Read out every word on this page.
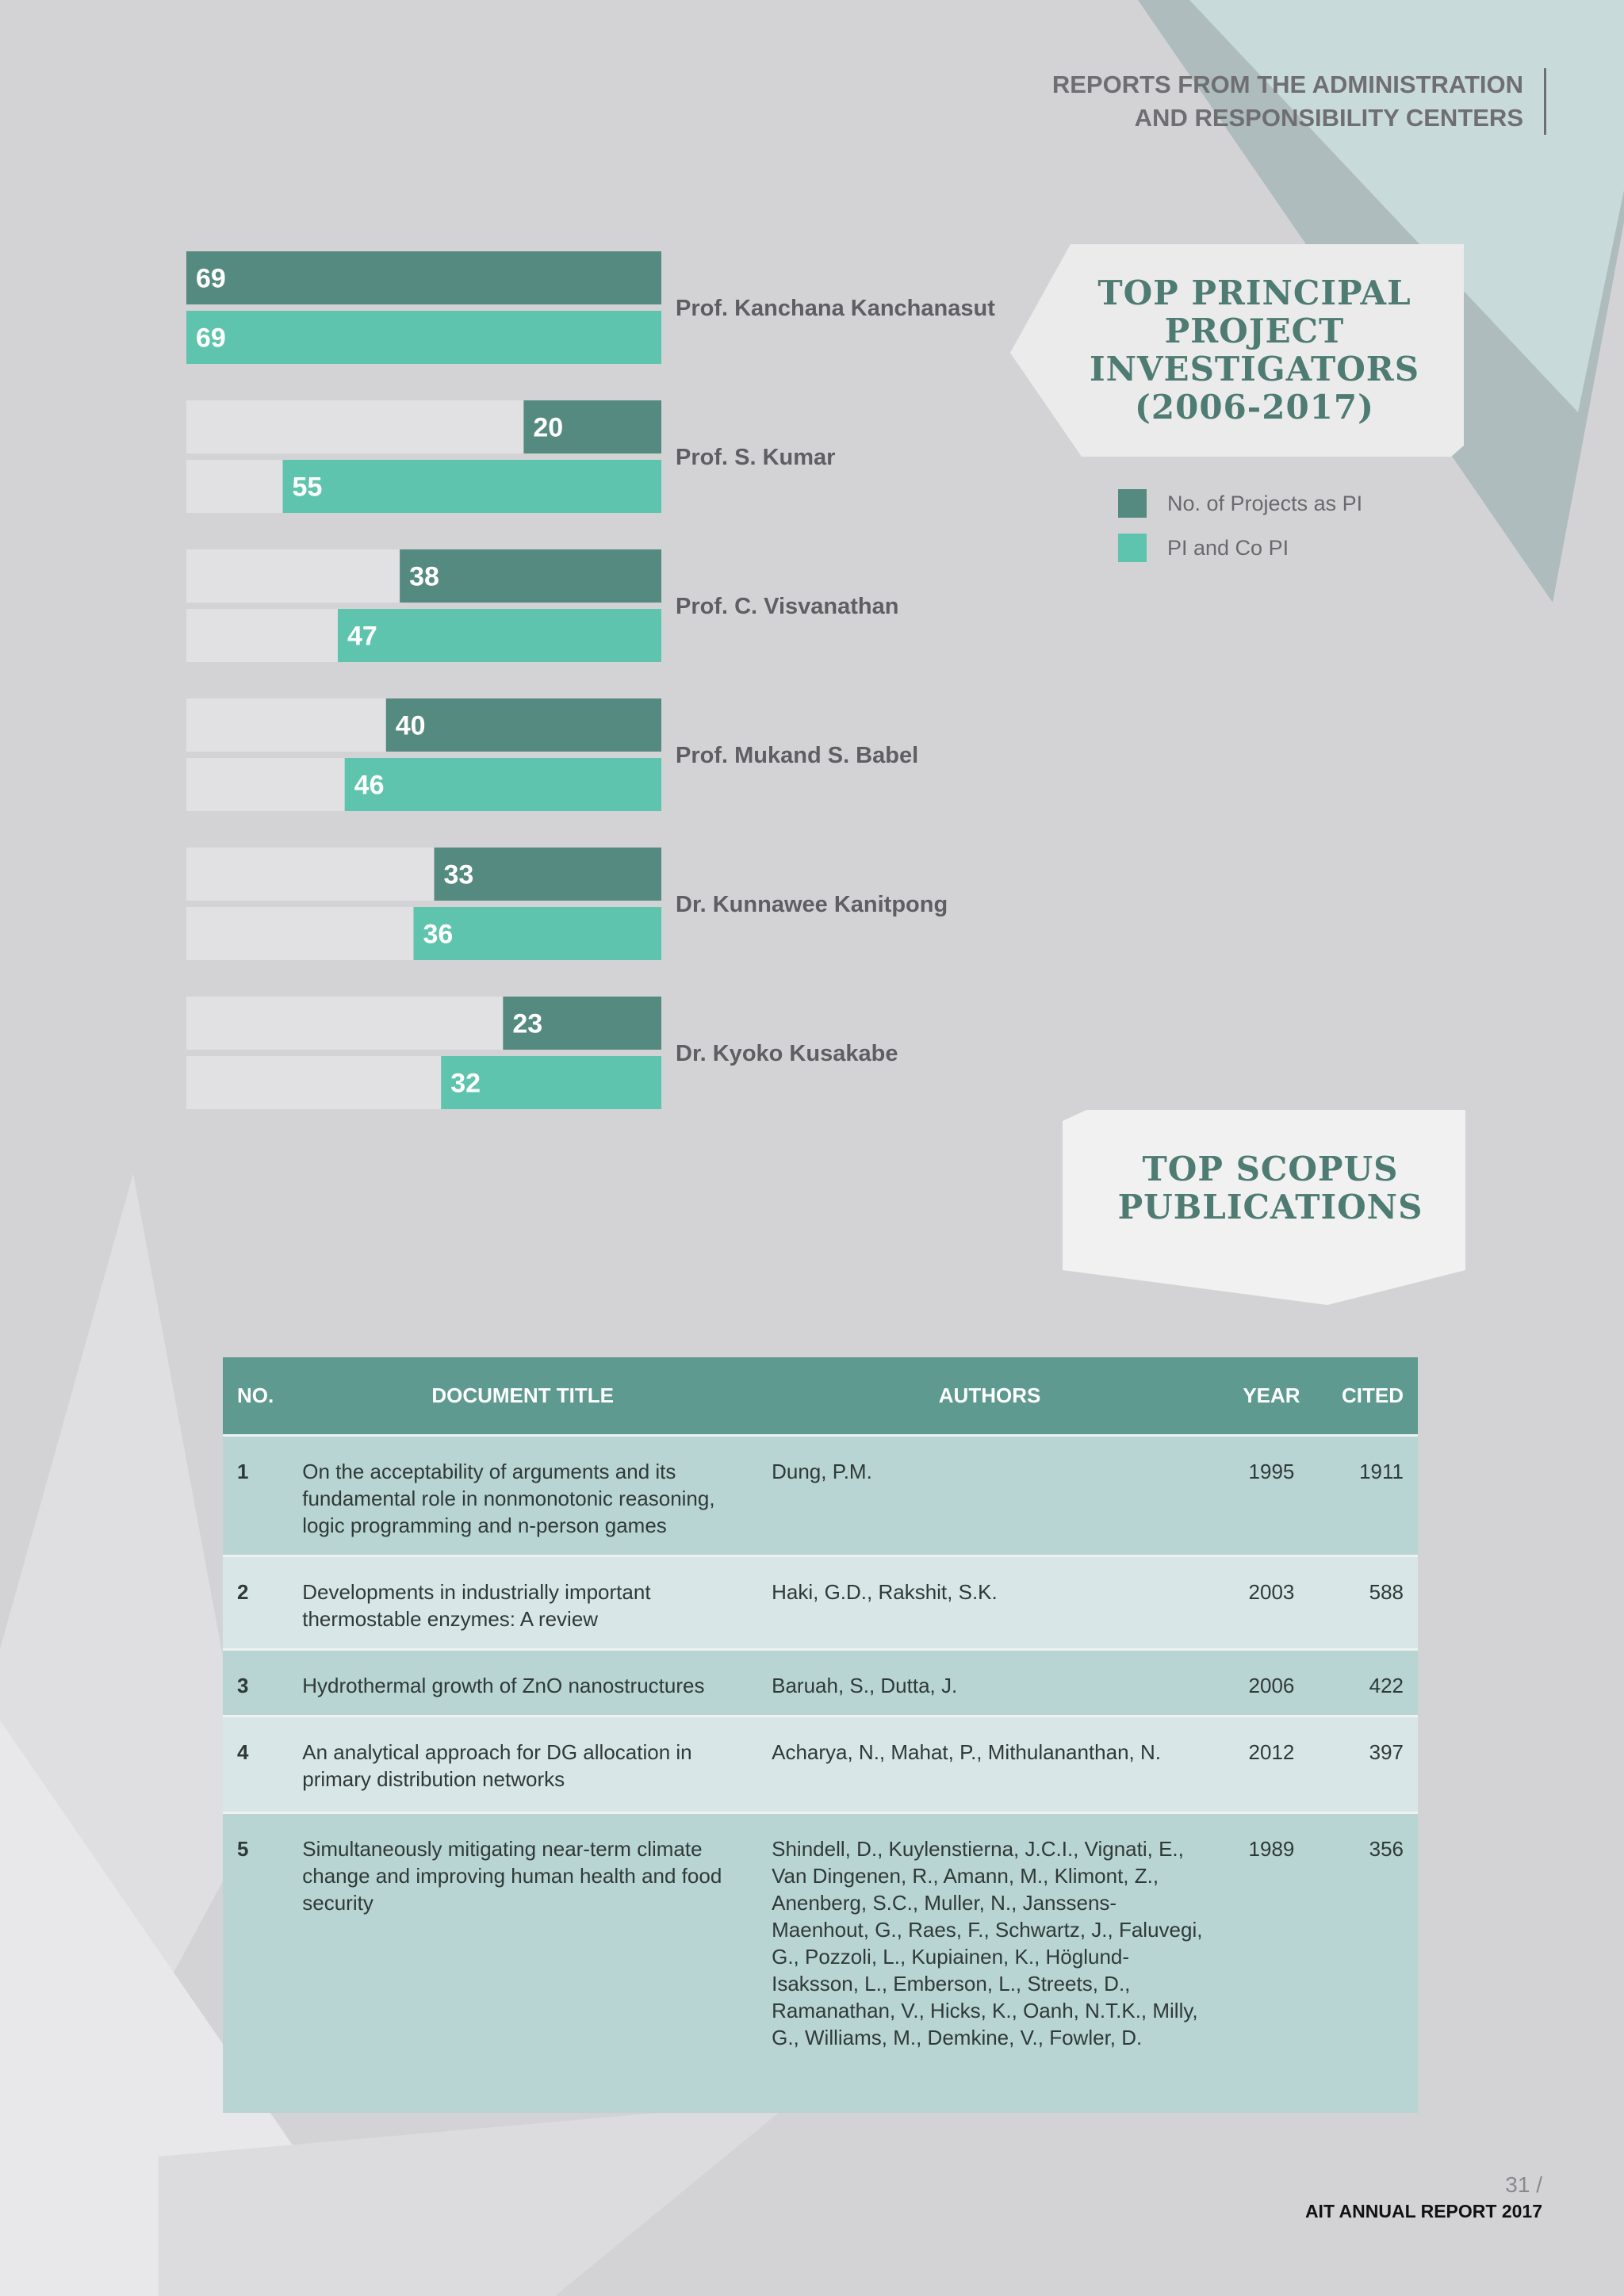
REPORTS FROM THE ADMINISTRATION
AND RESPONSIBILITY CENTERS
TOP PRINCIPAL
PROJECT
INVESTIGATORS
(2006-2017)
No. of Projects as PI
PI and Co PI
69
69
Prof. Kanchana Kanchanasut
20
55
Prof. S. Kumar
38
47
Prof. C. Visvanathan
40
46
Prof. Mukand S. Babel
33
36
Dr. Kunnawee Kanitpong
23
32
Dr. Kyoko Kusakabe
TOP SCOPUS
PUBLICATIONS
NO.	DOCUMENT TITLE	AUTHORS	YEAR	CITED
1	On the acceptability of arguments and its fundamental role in nonmonotonic reasoning, logic programming and n-person games	Dung, P.M.	1995	1911
2	Developments in industrially important thermostable enzymes: A review	Haki, G.D., Rakshit, S.K.	2003	588
3	Hydrothermal growth of ZnO nanostructures	Baruah, S., Dutta, J.	2006	422
4	An analytical approach for DG allocation in primary distribution networks	Acharya, N., Mahat, P., Mithulananthan, N.	2012	397
5	Simultaneously mitigating near-term climate change and improving human health and food security	Shindell, D., Kuylenstierna, J.C.I., Vignati, E., Van Dingenen, R., Amann, M., Klimont, Z., Anenberg, S.C., Muller, N., Janssens-Maenhout, G., Raes, F., Schwartz, J., Faluvegi, G., Pozzoli, L., Kupiainen, K., Höglund-Isaksson, L., Emberson, L., Streets, D., Ramanathan, V., Hicks, K., Oanh, N.T.K., Milly, G., Williams, M., Demkine, V., Fowler, D.	1989	356
31 /
AIT ANNUAL REPORT 2017
